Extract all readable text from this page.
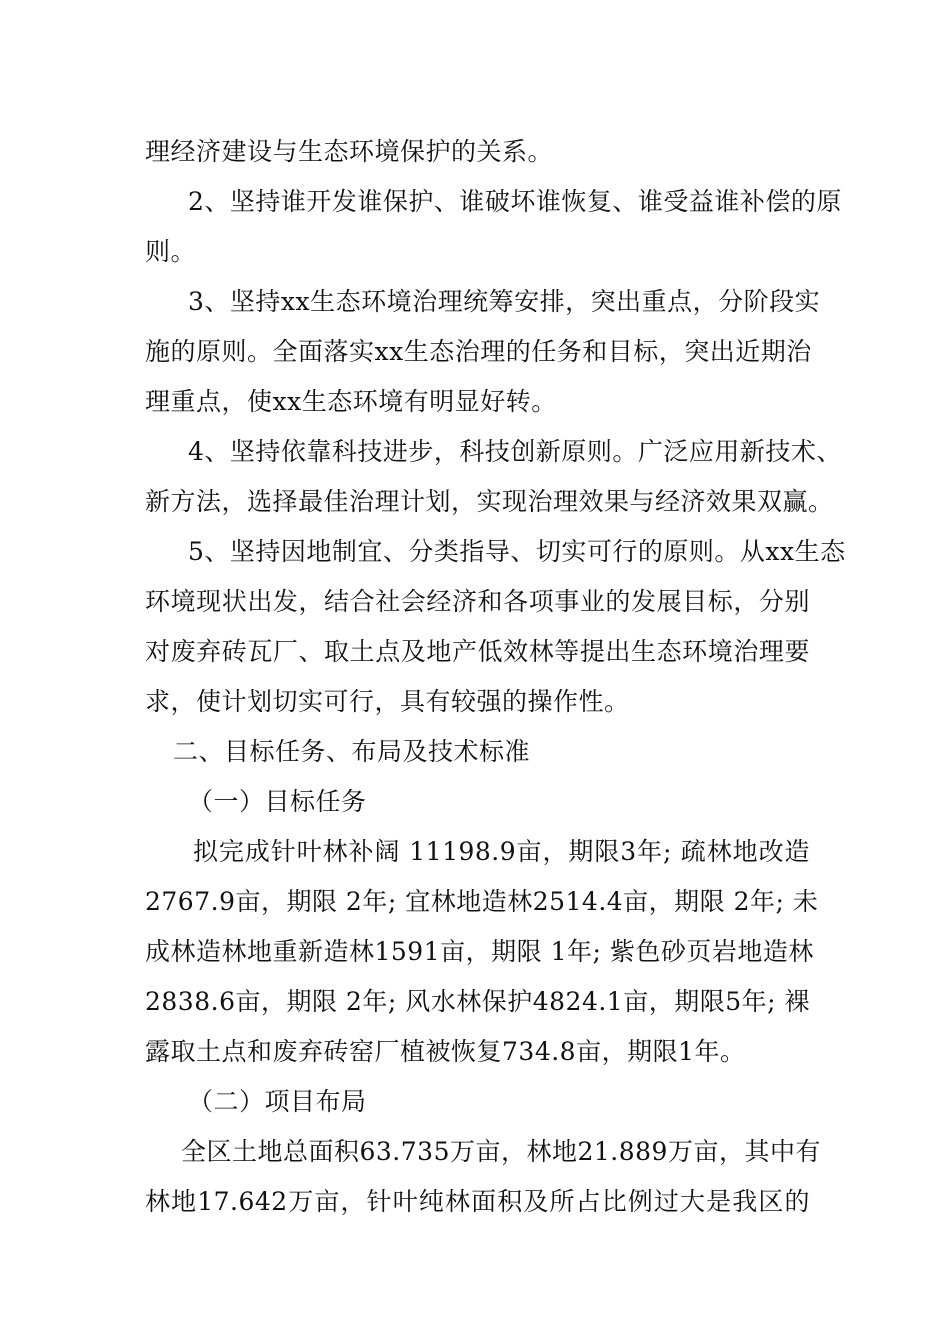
理经济建设与生态环境保护的关系。
2、坚持谁开发谁保护、谁破坏谁恢复、谁受益谁补偿的原
则。
3、坚持xx生态环境治理统筹安排，突出重点，分阶段实
施的原则。全面落实xx生态治理的任务和目标，突出近期治
理重点，使xx生态环境有明显好转。
4、坚持依靠科技进步，科技创新原则。广泛应用新技术、
新方法，选择最佳治理计划，实现治理效果与经济效果双赢。
5、坚持因地制宜、分类指导、切实可行的原则。从xx生态
环境现状出发，结合社会经济和各项事业的发展目标，分别
对废弃砖瓦厂、取土点及地产低效林等提出生态环境治理要
求，使计划切实可行，具有较强的操作性。
二、目标任务、布局及技术标准
（一）目标任务
拟完成针叶林补阔 11198.9亩，期限3年; 疏林地改造
2767.9亩，期限 2年; 宜林地造林2514.4亩，期限 2年; 未
成林造林地重新造林1591亩，期限 1年; 紫色砂页岩地造林
2838.6亩，期限 2年; 风水林保护4824.1亩，期限5年; 裸
露取土点和废弃砖窑厂植被恢复734.8亩，期限1年。
（二）项目布局
全区土地总面积63.735万亩，林地21.889万亩，其中有
林地17.642万亩，针叶纯林面积及所占比例过大是我区的
